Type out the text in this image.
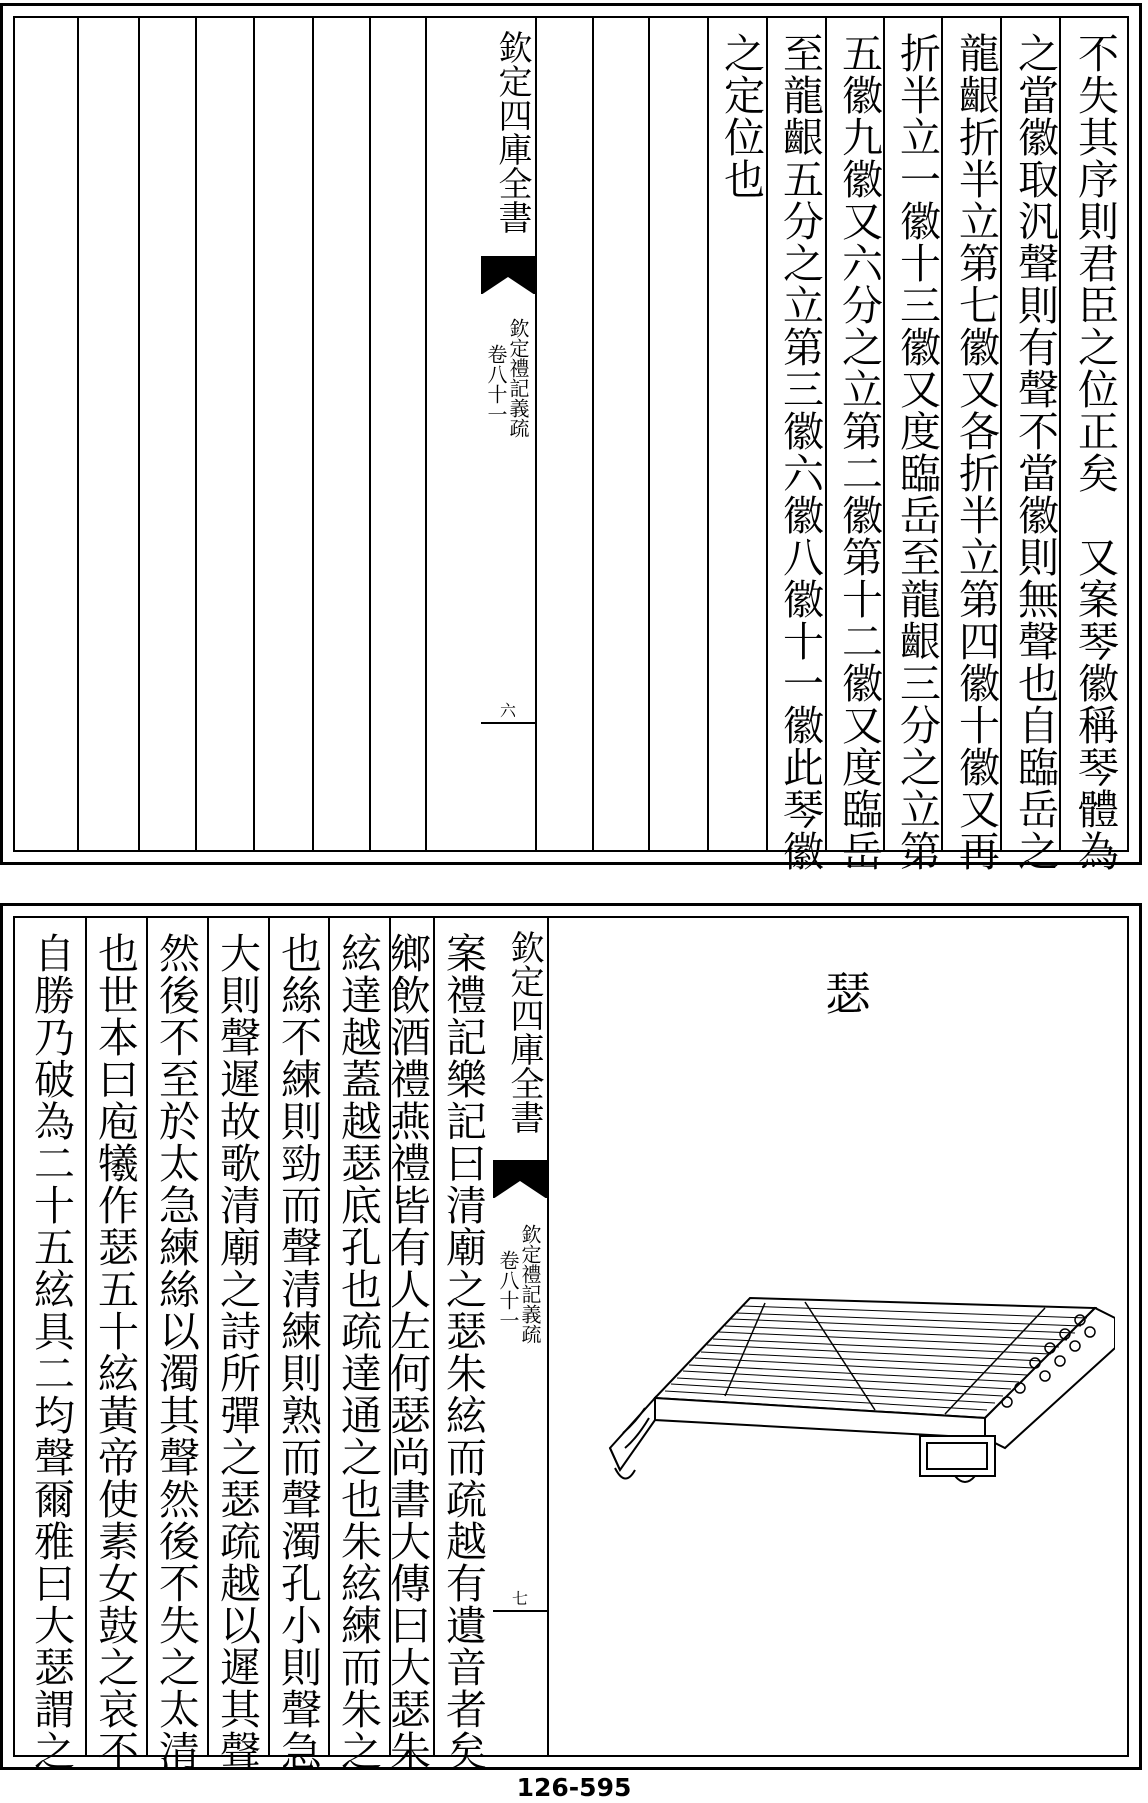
欽定四庫全書
欽定禮記義疏
卷八十一
六	不失其序則君臣之位正矣　又案琴徽稱琴體為
之當徽取汎聲則有聲不當徽則無聲也自臨岳之
龍齦折半立第七徽又各折半立第四徽十徽又再
折半立一徽十三徽又度臨岳至龍齦三分之立第
五徽九徽又六分之立第二徽第十二徽又度臨岳
至龍齦五分之立第三徽六徽八徽十一徽此琴徽
之定位也
自勝乃破為二十五絃具二均聲爾雅曰大瑟謂之 也世本曰庖犧作瑟五十絃黃帝使素女鼓之哀不 然後不至於太急練絲以濁其聲然後不失之太清 大則聲遲故歌清廟之詩所彈之瑟疏越以遲其聲 也絲不練則勁而聲清練則熟而聲濁孔小則聲急 絃達越蓋越瑟底孔也疏達通之也朱絃練而朱之 鄉飲酒禮燕禮皆有人左何瑟尚書大傳曰大瑟朱 案禮記樂記曰清廟之瑟朱絃而疏越有遺音者矣 欽定四庫全書
欽定禮記義疏
卷八十一
七
瑟
126-595
